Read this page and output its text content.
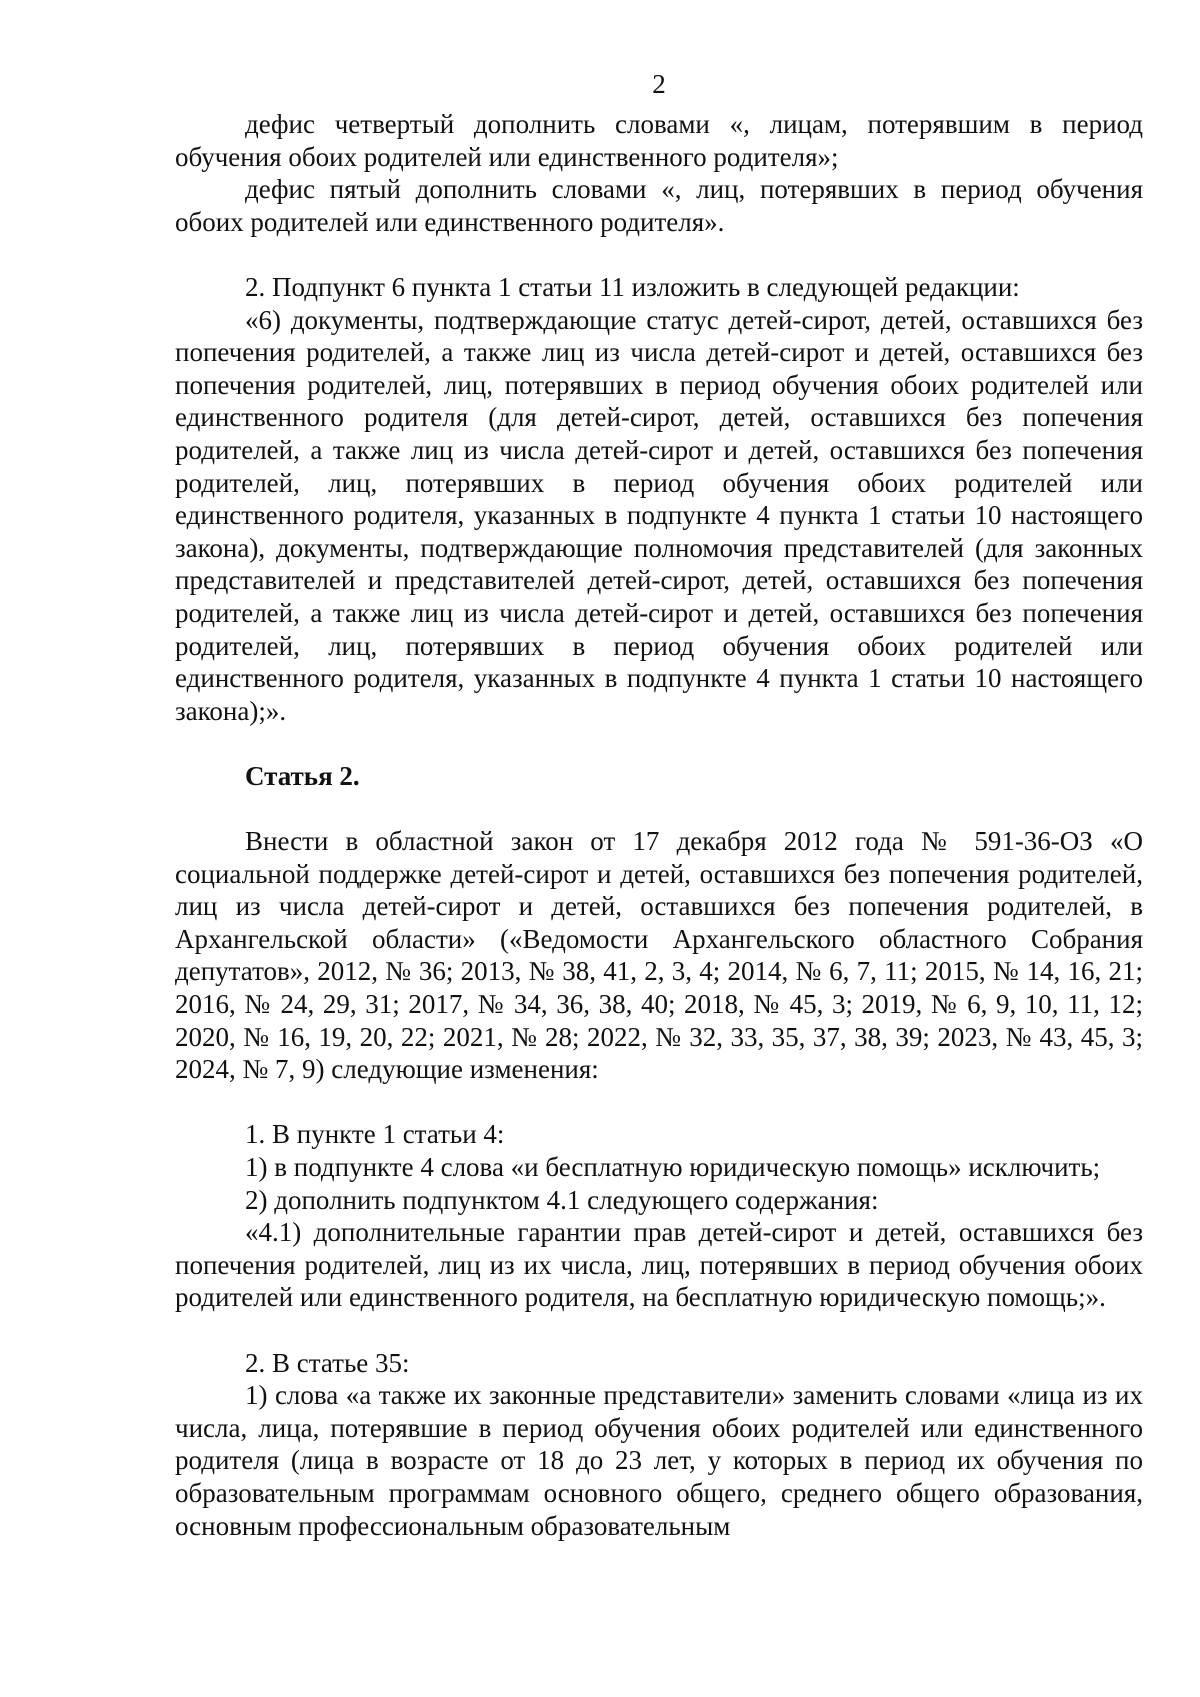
2

дефис четвертый дополнить словами «, лицам, потерявшим в период обучения обоих родителей или единственного родителя»;

дефис пятый дополнить словами «, лиц, потерявших в период обучения обоих родителей или единственного родителя».

2. Подпункт 6 пункта 1 статьи 11 изложить в следующей редакции:

«6) документы, подтверждающие статус детей-сирот, детей, оставшихся без попечения родителей, а также лиц из числа детей-сирот и детей, оставшихся без попечения родителей, лиц, потерявших в период обучения обоих родителей или единственного родителя (для детей-сирот, детей, оставшихся без попечения родителей, а также лиц из числа детей-сирот и детей, оставшихся без попечения родителей, лиц, потерявших в период обучения обоих родителей или единственного родителя, указанных в подпункте 4 пункта 1 статьи 10 настоящего закона), документы, подтверждающие полномочия представителей (для законных представителей и представителей детей-сирот, детей, оставшихся без попечения родителей, а также лиц из числа детей-сирот и детей, оставшихся без попечения родителей, лиц, потерявших в период обучения обоих родителей или единственного родителя, указанных в подпункте 4 пункта 1 статьи 10 настоящего закона);».

Статья 2.

Внести в областной закон от 17 декабря 2012 года № 591-36-ОЗ «О социальной поддержке детей-сирот и детей, оставшихся без попечения родителей, лиц из числа детей-сирот и детей, оставшихся без попечения родителей, в Архангельской области» («Ведомости Архангельского областного Собрания депутатов», 2012, № 36; 2013, № 38, 41, 2, 3, 4; 2014, № 6, 7, 11; 2015, № 14, 16, 21; 2016, № 24, 29, 31; 2017, № 34, 36, 38, 40; 2018, № 45, 3; 2019, № 6, 9, 10, 11, 12; 2020, № 16, 19, 20, 22; 2021, № 28; 2022, № 32, 33, 35, 37, 38, 39; 2023, № 43, 45, 3; 2024, № 7, 9) следующие изменения:

1. В пункте 1 статьи 4:

1) в подпункте 4 слова «и бесплатную юридическую помощь» исключить;

2) дополнить подпунктом 4.1 следующего содержания:

«4.1) дополнительные гарантии прав детей-сирот и детей, оставшихся без попечения родителей, лиц из их числа, лиц, потерявших в период обучения обоих родителей или единственного родителя, на бесплатную юридическую помощь;».

2. В статье 35:

1) слова «а также их законные представители» заменить словами «лица из их числа, лица, потерявшие в период обучения обоих родителей или единственного родителя (лица в возрасте от 18 до 23 лет, у которых в период их обучения по образовательным программам основного общего, среднего общего образования, основным профессиональным образовательным
